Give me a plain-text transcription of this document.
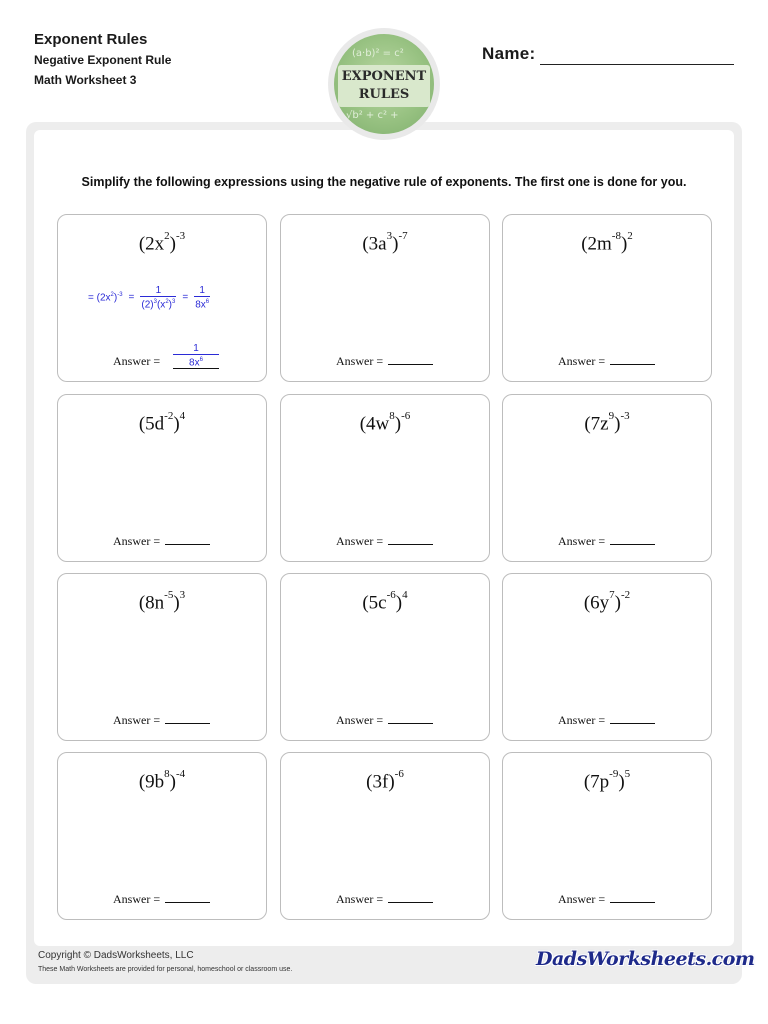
Exponent Rules
Negative Exponent Rule
Math Worksheet 3
Name:
(a·b)² = c²
√b² + c² +
EXPONENT
RULES
Simplify the following expressions using the negative rule of exponents. The first one is done for you.
$(2x^2)^{-3}$
Answer =
= $(2x^2)^{-3} = \frac{1}{(2)^3(x^2)^3} = \frac{1}{8x^6}$
$\frac{1}{8x^6}$
$(3a^3)^{-7}$
Answer =
$(2m^{-8})^2$
Answer =
$(5d^{-2})^4$
Answer =
$(4w^8)^{-6}$
Answer =
$(7z^9)^{-3}$
Answer =
$(8n^{-5})^3$
Answer =
$(5c^{-6})^4$
Answer =
$(6y^7)^{-2}$
Answer =
$(9b^8)^{-4}$
Answer =
$(3f)^{-6}$
Answer =
$(7p^{-9})^5$
Answer =
Copyright © DadsWorksheets, LLC
These Math Worksheets are provided for personal, homeschool or classroom use.	DadsWorksheets.com
